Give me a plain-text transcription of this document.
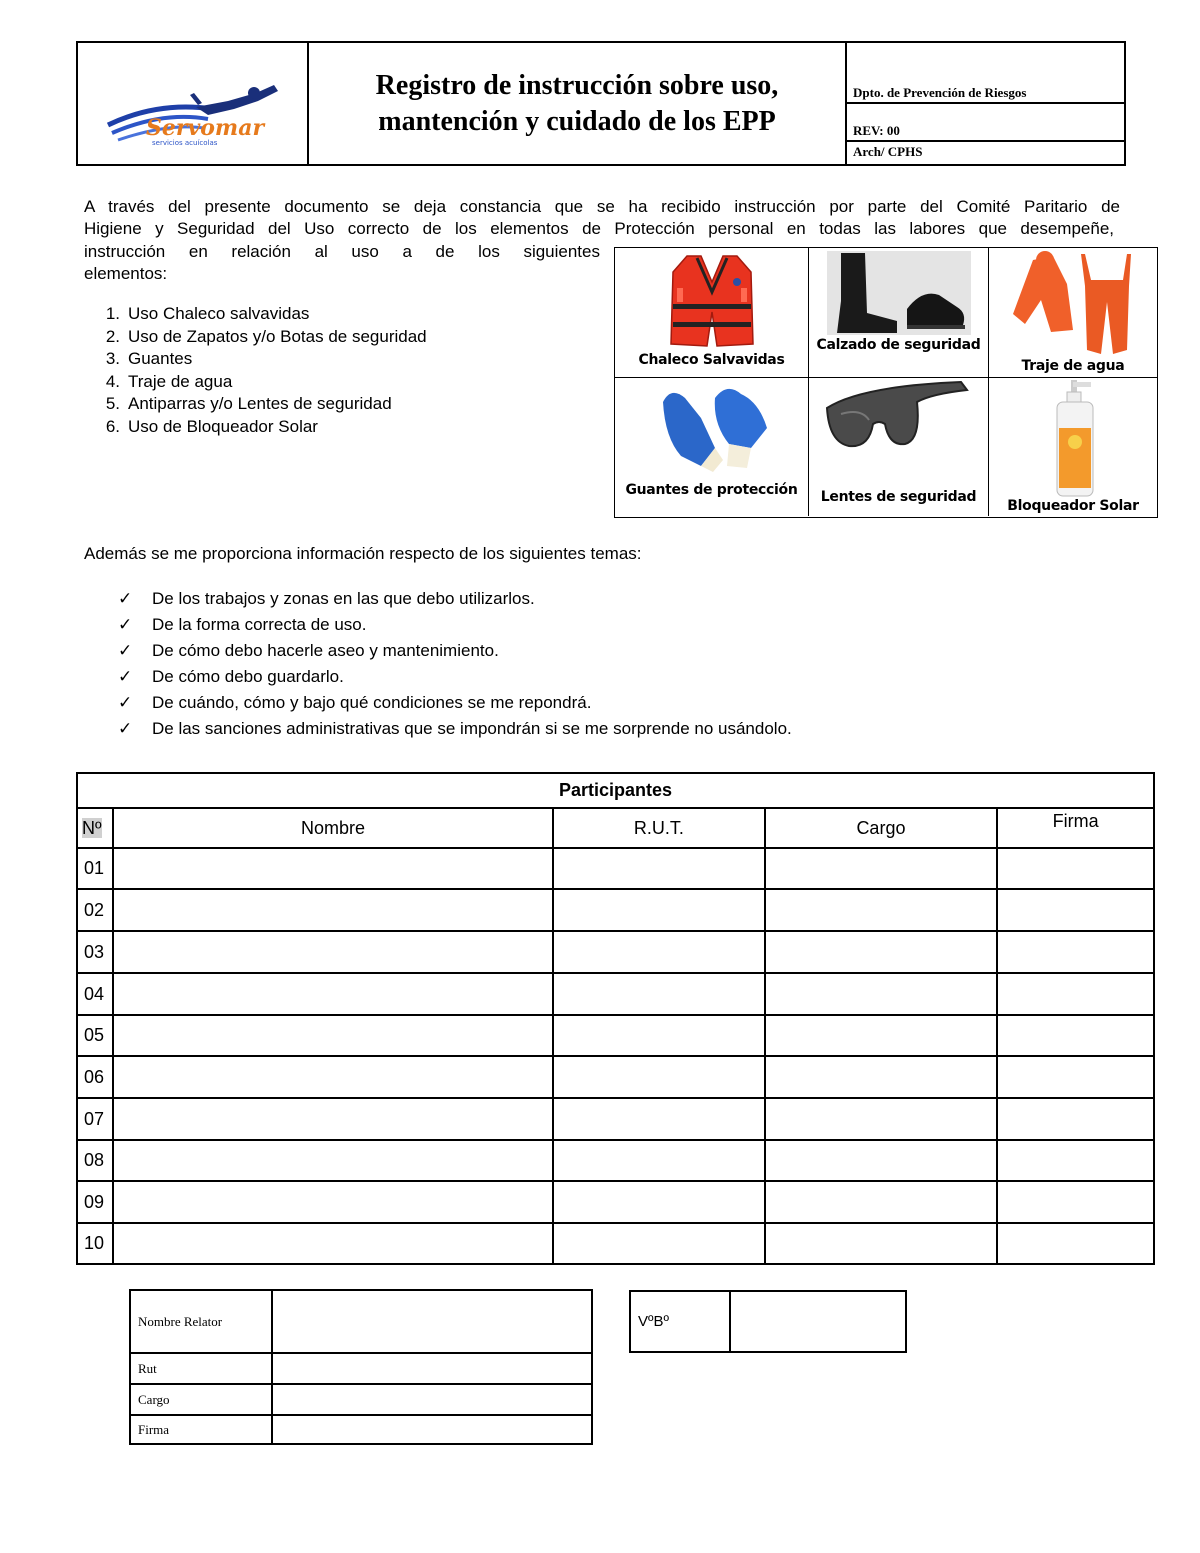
Servomar
servicios acuícolas
Registro de instrucción sobre uso,
mantención y cuidado de los EPP
Dpto. de Prevención de Riesgos
REV: 00
Arch/ CPHS
A través del presente documento se deja constancia que se ha recibido instrucción por parte del Comité Paritario de
Higiene y Seguridad del Uso correcto de los elementos de Protección personal en todas las labores que desempeñe,
instrucción en relación al uso a de los siguientes
elementos:
1. Uso Chaleco salvavidas
2. Uso de Zapatos y/o Botas de seguridad
3. Guantes
4. Traje de agua
5. Antiparras y/o Lentes de seguridad
6. Uso de Bloqueador Solar
Chaleco Salvavidas
Calzado de seguridad
Traje de agua
Guantes de protección	Lentes de seguridad
Bloqueador Solar
Además se me proporciona información respecto de los siguientes temas:
✓ De los trabajos y zonas en las que debo utilizarlos.
✓ De la forma correcta de uso.
✓ De cómo debo hacerle aseo y mantenimiento.
✓ De cómo debo guardarlo.
✓ De cuándo, cómo y bajo qué condiciones se me repondrá.
✓ De las sanciones administrativas que se impondrán si se me sorprende no usándolo.
Participantes				
Nº	Nombre	R.U.T.	Cargo	Firma
01				
02				
03				
04				
05				
06				
07				
08				
09				
10				
Nombre Relator	
Rut	
Cargo	
Firma	
VºBº	
